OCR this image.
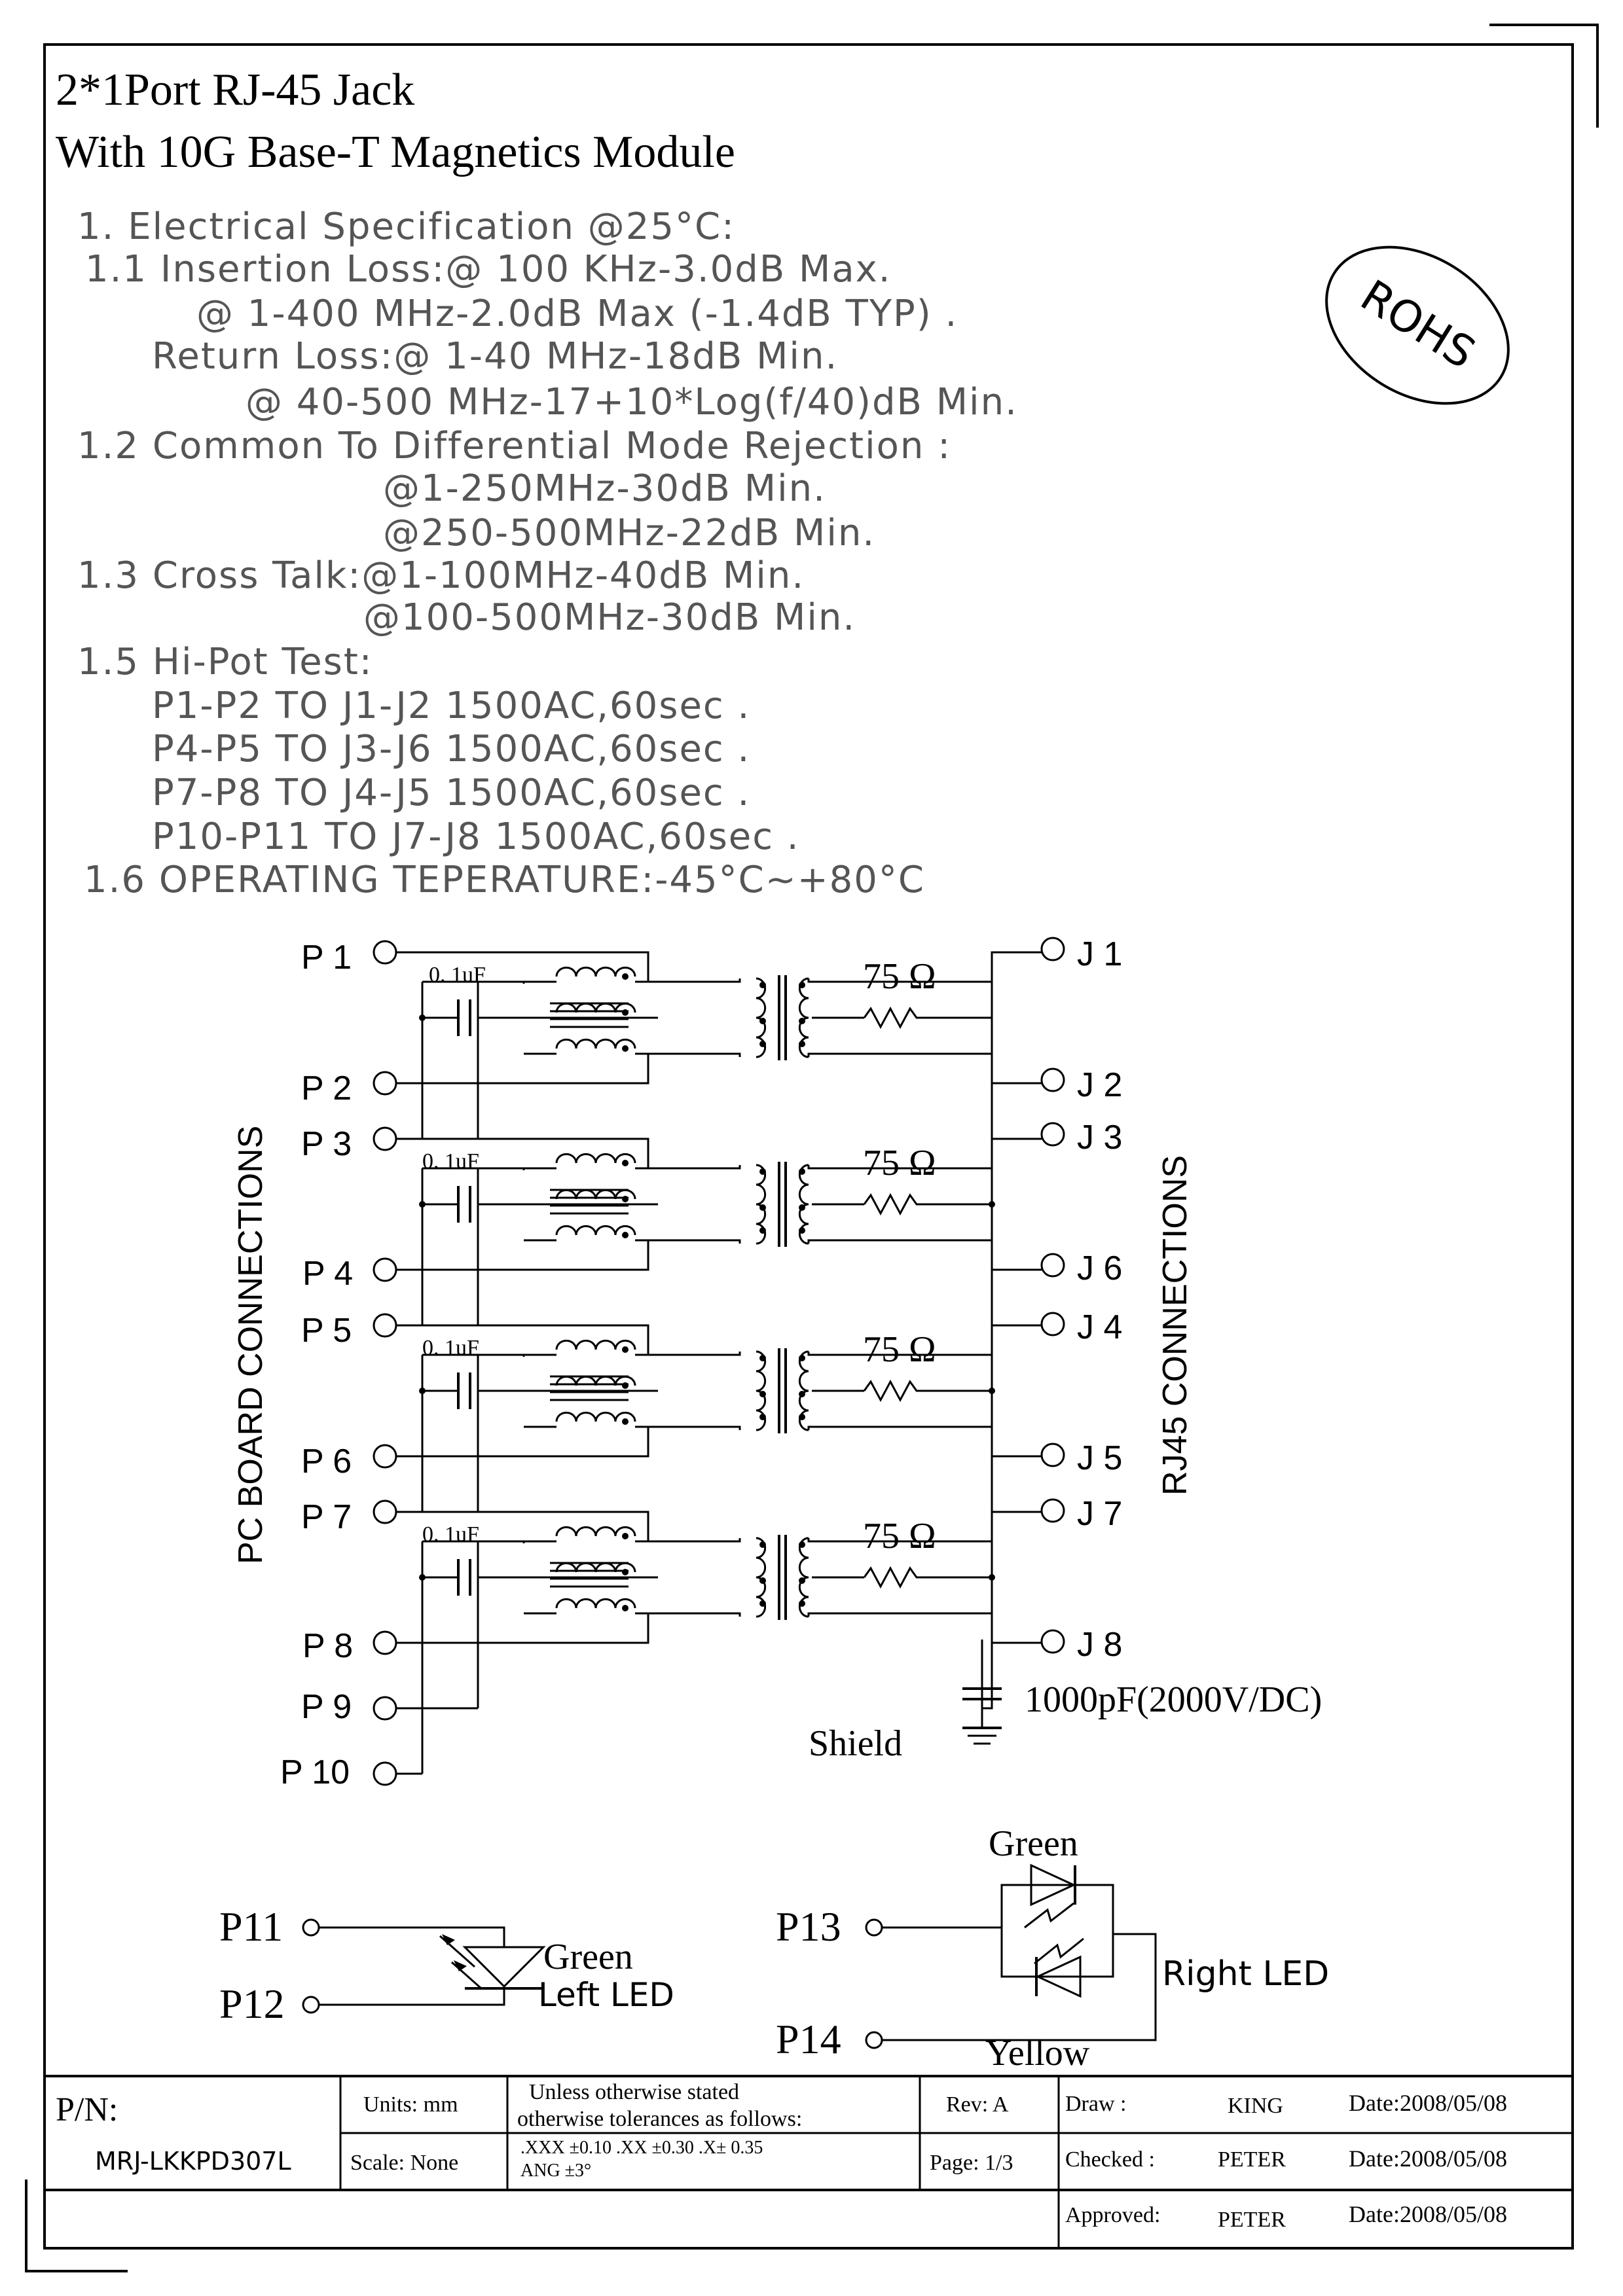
2*1Port RJ-45 Jack
With 10G Base-T Magnetics Module
ROHS
1. Electrical Specification @25°C:
1.1 Insertion Loss:@ 100 KHz-3.0dB Max.
@ 1-400 MHz-2.0dB Max (-1.4dB TYP) .
Return Loss:@ 1-40 MHz-18dB Min.
@ 40-500 MHz-17+10*Log(f/40)dB Min.
1.2 Common To Differential Mode Rejection :
@1-250MHz-30dB Min.
@250-500MHz-22dB Min.
1.3 Cross Talk:@1-100MHz-40dB Min.
@100-500MHz-30dB Min.
1.5 Hi-Pot Test:
P1-P2 TO J1-J2 1500AC,60sec .
P4-P5 TO J3-J6 1500AC,60sec .
P7-P8 TO J4-J5 1500AC,60sec .
P10-P11 TO J7-J8 1500AC,60sec .
1.6 OPERATING TEPERATURE:-45°C~+80°C
PC BOARD CONNECTIONS	RJ45 CONNECTIONS
P 1
P 2
P 3
P 4
P 5
P 6
P 7
P 8
P 9
P 10
J 1
J 2
J 3
J 6
J 4
J 5
J 7
J 8
0. 1uF	75 Ω
0. 1uF	75 Ω
0. 1uF	75 Ω
0. 1uF	75 Ω
1000pF(2000V/DC)
Shield
P11
P12
Green
Left LED
P13
P14
Green
Yellow
Right LED
P/N:
MRJ-LKKPD307L
Units: mm
Scale: None
Unless otherwise stated
otherwise tolerances as follows:
.XXX ±0.10 .XX ±0.30 .X± 0.35
ANG ±3°
Rev: A
Page: 1/3
Draw :	KING	Date:2008/05/08
Checked :	PETER	Date:2008/05/08
Approved:	PETER	Date:2008/05/08
